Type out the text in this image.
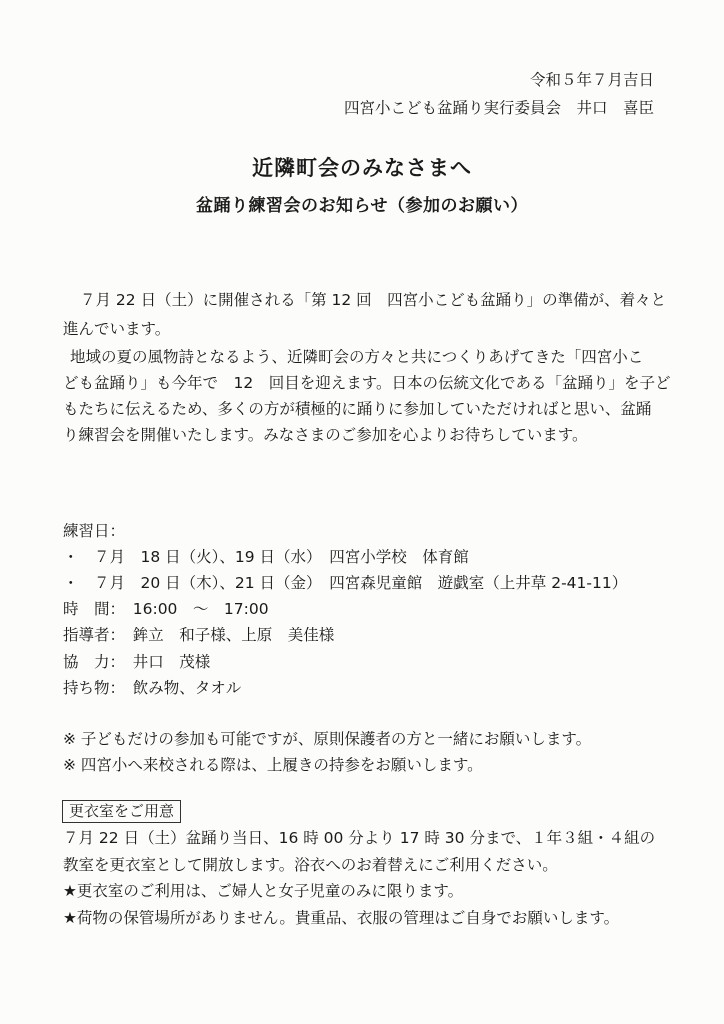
令和５年７月吉日
四宮小こども盆踊り実行委員会　井口　喜臣
近隣町会のみなさまへ
盆踊り練習会のお知らせ（参加のお願い）
７月 22 日（土）に開催される「第 12 回　四宮小こども盆踊り」の準備が、着々と
進んでいます。
地域の夏の風物詩となるよう、近隣町会の方々と共につくりあげてきた「四宮小こ
ども盆踊り」も今年で　12　回目を迎えます。日本の伝統文化である「盆踊り」を子ど
もたちに伝えるため、多くの方が積極的に踊りに参加していただければと思い、盆踊
り練習会を開催いたします。みなさまのご参加を心よりお待ちしています。
練習日：
・　７月　18 日（火）、19 日（水）　四宮小学校　体育館
・　７月　20 日（木）、21 日（金）　四宮森児童館　遊戯室（上井草 2-41-11）
時　間：　16:00　～　17:00
指導者：　鉾立　和子様、上原　美佳様
協　力：　井口　茂様
持ち物：　飲み物、タオル
※ 子どもだけの参加も可能ですが、原則保護者の方と一緒にお願いします。
※ 四宮小へ来校される際は、上履きの持参をお願いします。
更衣室をご用意
７月 22 日（土）盆踊り当日、16 時 00 分より 17 時 30 分まで、１年３組・４組の
教室を更衣室として開放します。浴衣へのお着替えにご利用ください。
★更衣室のご利用は、ご婦人と女子児童のみに限ります。
★荷物の保管場所がありません。貴重品、衣服の管理はご自身でお願いします。
